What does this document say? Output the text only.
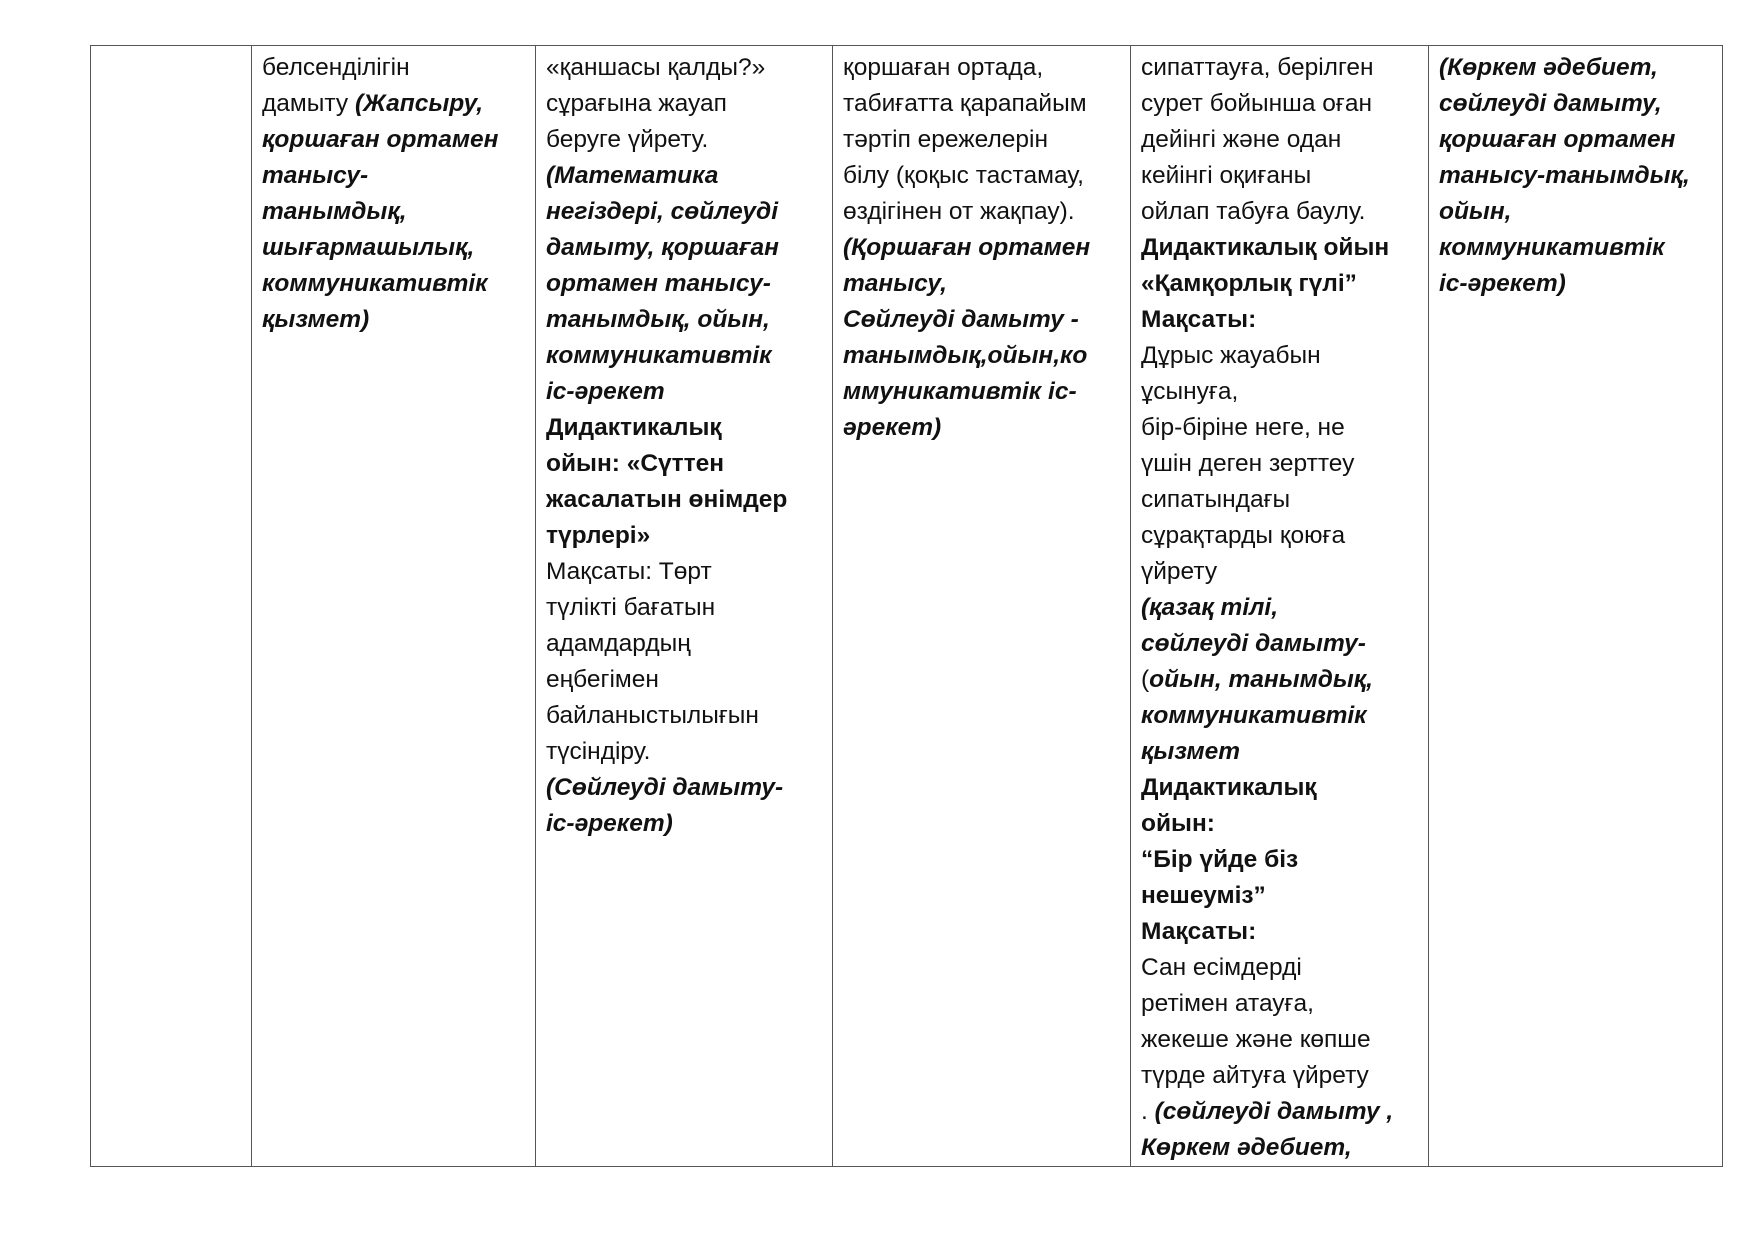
белсенділігін
дамыту (Жапсыру,
қоршаған ортамен
танысу-
танымдық,
шығармашылық,
коммуникативтік
қызмет)

«қаншасы қалды?»
сұрағына жауап
беруге үйрету.
(Математика
негіздері, сөйлеуді
дамыту, қоршаған
ортамен танысу-
танымдық, ойын,
коммуникативтік
іс-әрекет
Дидактикалық
ойын: «Сүттен
жасалатын өнімдер
түрлері»
Мақсаты: Төрт
түлікті бағатын
адамдардың
еңбегімен
байланыстылығын
түсіндіру.
(Сөйлеуді дамыту-
іс-әрекет)

қоршаған ортада,
табиғатта қарапайым
тәртіп ережелерін
білу (қоқыс тастамау,
өздігінен от жақпау).
(Қоршаған ортамен
танысу,
Сөйлеуді дамыту -
танымдық,ойын,ко
ммуникативтік іс-
әрекет)

сипаттауға, берілген
сурет бойынша оған
дейінгі және одан
кейінгі оқиғаны
ойлап табуға баулу.
Дидактикалық ойын
«Қамқорлық гүлі”
Мақсаты:
Дұрыс жауабын
ұсынуға,
бір-біріне неге, не
үшін деген зерттеу
сипатындағы
сұрақтарды қоюға
үйрету
(қазақ тілі,
сөйлеуді дамыту-
(ойын, танымдық,
коммуникативтік
қызмет
Дидактикалық
ойын:
“Бір үйде біз
нешеуміз”
Мақсаты:
Сан есімдерді
ретімен атауға,
жекеше және көпше
түрде айтуға үйрету
. (сөйлеуді дамыту ,
Көркем әдебиет,

(Көркем әдебиет,
сөйлеуді дамыту,
қоршаған ортамен
танысу-танымдық,
ойын,
коммуникативтік
іс-әрекет)
